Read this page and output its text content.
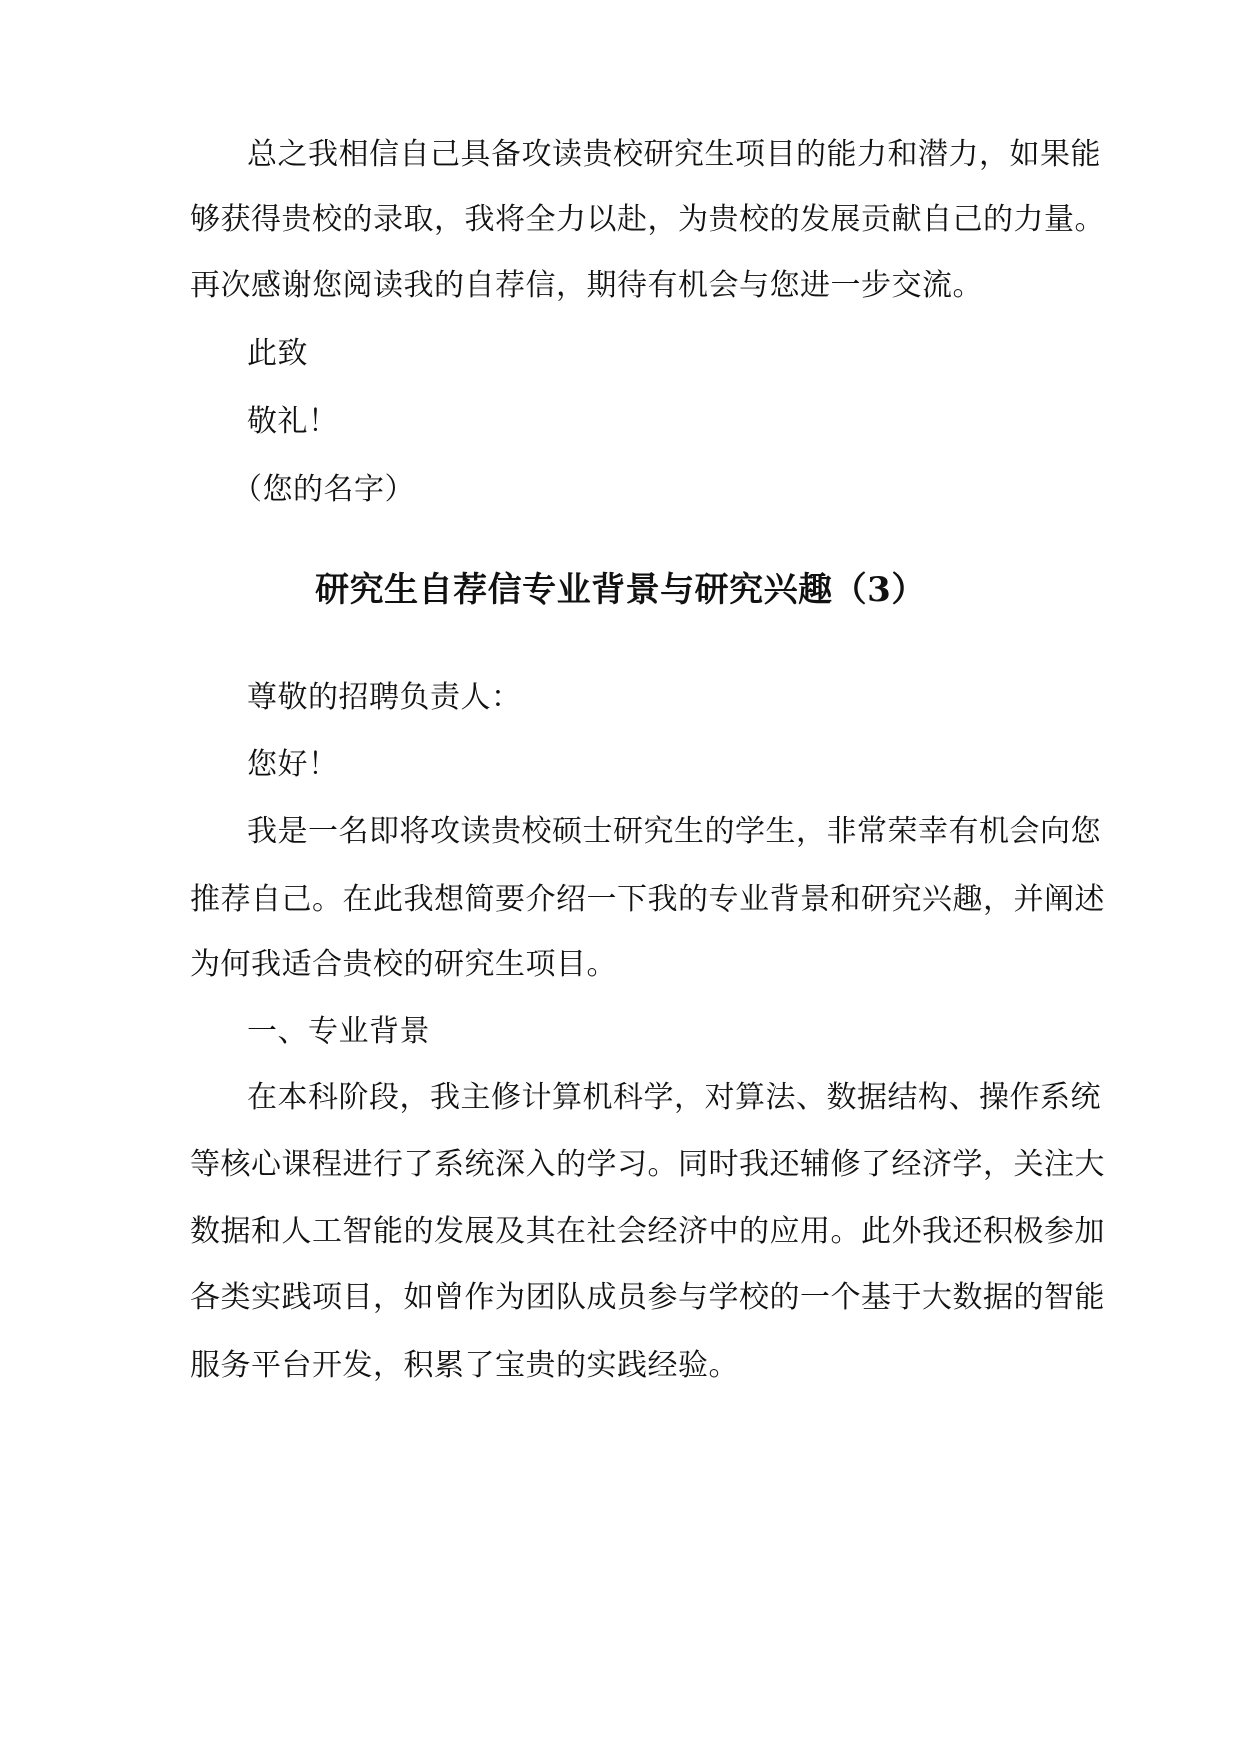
总之我相信自己具备攻读贵校研究生项目的能力和潜力，如果能
够获得贵校的录取，我将全力以赴，为贵校的发展贡献自己的力量。
再次感谢您阅读我的自荐信，期待有机会与您进一步交流。
此致
敬礼！
（您的名字）
研究生自荐信专业背景与研究兴趣（3）
尊敬的招聘负责人：
您好！
我是一名即将攻读贵校硕士研究生的学生，非常荣幸有机会向您
推荐自己。在此我想简要介绍一下我的专业背景和研究兴趣，并阐述
为何我适合贵校的研究生项目。
一、专业背景
在本科阶段，我主修计算机科学，对算法、数据结构、操作系统
等核心课程进行了系统深入的学习。同时我还辅修了经济学，关注大
数据和人工智能的发展及其在社会经济中的应用。此外我还积极参加
各类实践项目，如曾作为团队成员参与学校的一个基于大数据的智能
服务平台开发，积累了宝贵的实践经验。
